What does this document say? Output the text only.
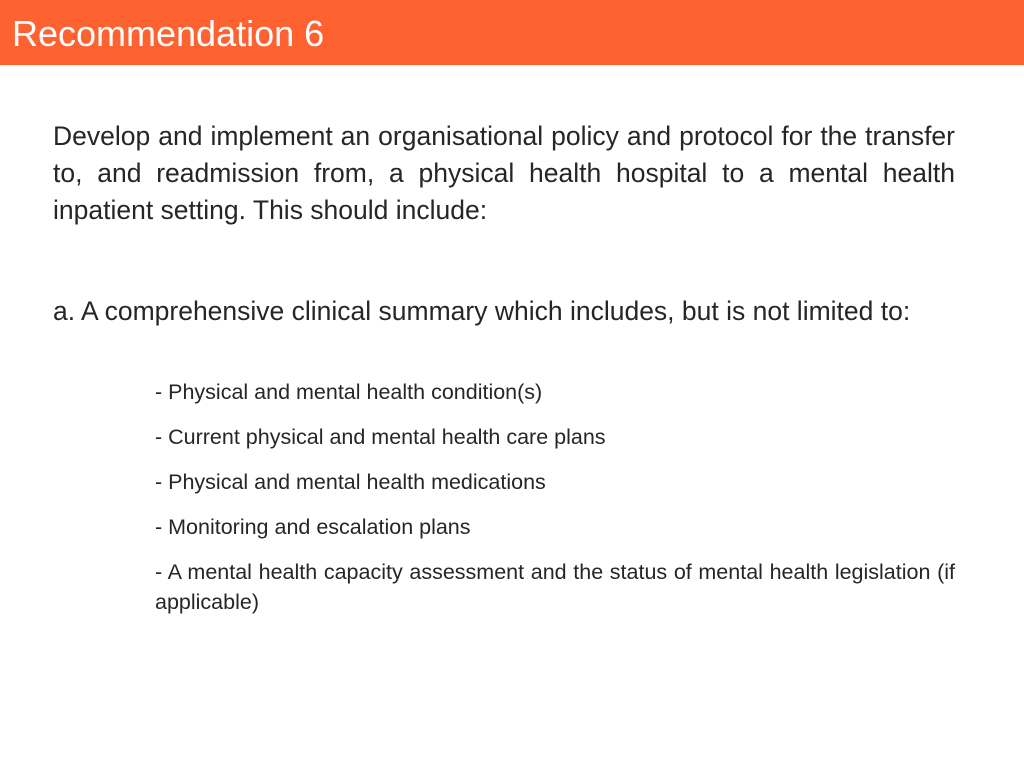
Recommendation 6
Develop and implement an organisational policy and protocol for the transfer to, and readmission from, a physical health hospital to a mental health inpatient setting. This should include:
a. A comprehensive clinical summary which includes, but is not limited to:
- Physical and mental health condition(s)
- Current physical and mental health care plans
- Physical and mental health medications
- Monitoring and escalation plans
- A mental health capacity assessment and the status of mental health legislation (if applicable)
